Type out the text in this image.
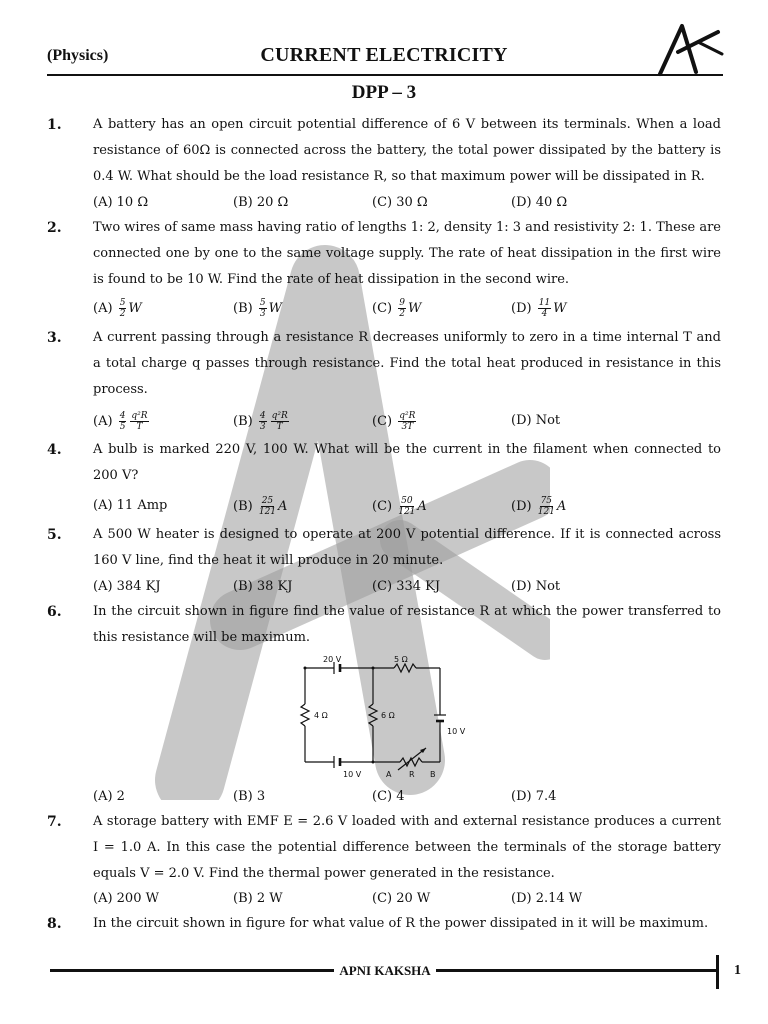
(Physics)	CURRENT ELECTRICITY
DPP – 3
1. A battery has an open circuit potential difference of 6 V between its terminals. When a load resistance of 60Ω is connected across the battery, the total power dissipated by the battery is 0.4 W. What should be the load resistance R, so that maximum power will be dissipated in R.
(A) 10 Ω	(B) 20 Ω	(C) 30 Ω	(D) 40 Ω
2. Two wires of same mass having ratio of lengths 1: 2, density 1: 3 and resistivity 2: 1. These are connected one by one to the same voltage supply. The rate of heat dissipation in the first wire is found to be 10 W. Find the rate of heat dissipation in the second wire.
$(A) \frac{5}{2}$ W	$(B) \frac{5}{3}$ W	$(C) \frac{9}{2}$ W	$(D) \frac{11}{4}$ W
3. A current passing through a resistance R decreases uniformly to zero in a time internal T and a total charge q passes through resistance. Find the total heat produced in resistance in this process.
$(A) \frac{4}{5} \frac{\text{q²R}}{T}$	$(B) \frac{4}{3} \frac{\text{q²R}}{T}$	$(C) \frac{\text{q²R}}{3T}$	(D) Not
4. A bulb is marked 220 V, 100 W. What will be the current in the filament when connected to 200 V?
(A) 11 Amp	$(B) \frac{25}{121}$ A	$(C) \frac{50}{121}$ A	$(D) \frac{75}{121}$ A
5. A 500 W heater is designed to operate at 200 V potential difference. If it is connected across 160 V line, find the heat it will produce in 20 minute.
(A) 384 KJ	(B) 38 KJ	(C) 334 KJ	(D) Not
6. In the circuit shown in figure find the value of resistance R at which the power transferred to this resistance will be maximum.
20 V	5 Ω
4 Ω	6 Ω
10 V
10 V	A R B
(A) 2	(B) 3	(C) 4	(D) 7.4
7. A storage battery with EMF E = 2.6 V loaded with and external resistance produces a current I = 1.0 A. In this case the potential difference between the terminals of the storage battery equals V = 2.0 V. Find the thermal power generated in the resistance.
(A) 200 W	(B) 2 W	(C) 20 W	(D) 2.14 W
8. In the circuit shown in figure for what value of R the power dissipated in it will be maximum.
APNI KAKSHA	1
